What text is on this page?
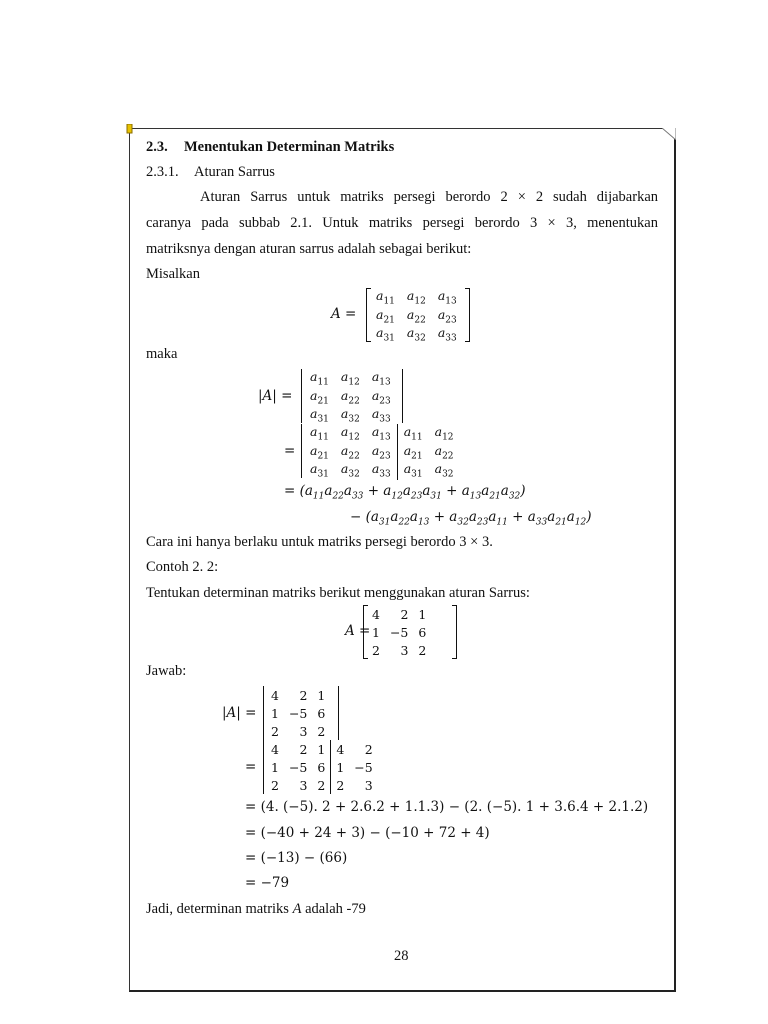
2.3. Menentukan Determinan Matriks
2.3.1. Aturan Sarrus
Aturan Sarrus untuk matriks persegi berordo 2 × 2 sudah dijabarkan
caranya pada subbab 2.1. Untuk matriks persegi berordo 3 × 3, menentukan
matriksnya dengan aturan sarrus adalah sebagai berikut:
Misalkan
A =
$a_{11}$	$a_{12}$	$a_{13}$
$a_{21}$	$a_{22}$	$a_{23}$
$a_{31}$	$a_{32}$	$a_{33}$
maka
|A| =
$a_{11}$	$a_{12}$	$a_{13}$
$a_{21}$	$a_{22}$	$a_{23}$
$a_{31}$	$a_{32}$	$a_{33}$
=
$a_{11}$	$a_{12}$	$a_{13}$		$a_{11}$	$a_{12}$
$a_{21}$	$a_{22}$	$a_{23}$		$a_{21}$	$a_{22}$
$a_{31}$	$a_{32}$	$a_{33}$		$a_{31}$	$a_{32}$
= $(a_{11}a_{22}a_{33} + a_{12}a_{23}a_{31} + a_{13}a_{21}a_{32})$
− $(a_{31}a_{22}a_{13} + a_{32}a_{23}a_{11} + a_{33}a_{21}a_{12})$
Cara ini hanya berlaku untuk matriks persegi berordo 3 × 3.
Contoh 2. 2:
Tentukan determinan matriks berikut menggunakan aturan Sarrus:
A =
4	2	1
1	−5	6
2	3	2
Jawab:
|A| =
4	2	1
1	−5	6
2	3	2
=
4	2	1		4	2
1	−5	6		1	−5
2	3	2		2	3
= (4. (−5). 2 + 2.6.2 + 1.1.3) − (2. (−5). 1 + 3.6.4 + 2.1.2)
= (−40 + 24 + 3) − (−10 + 72 + 4)
= (−13) − (66)
= −79
Jadi, determinan matriks A adalah -79
28
